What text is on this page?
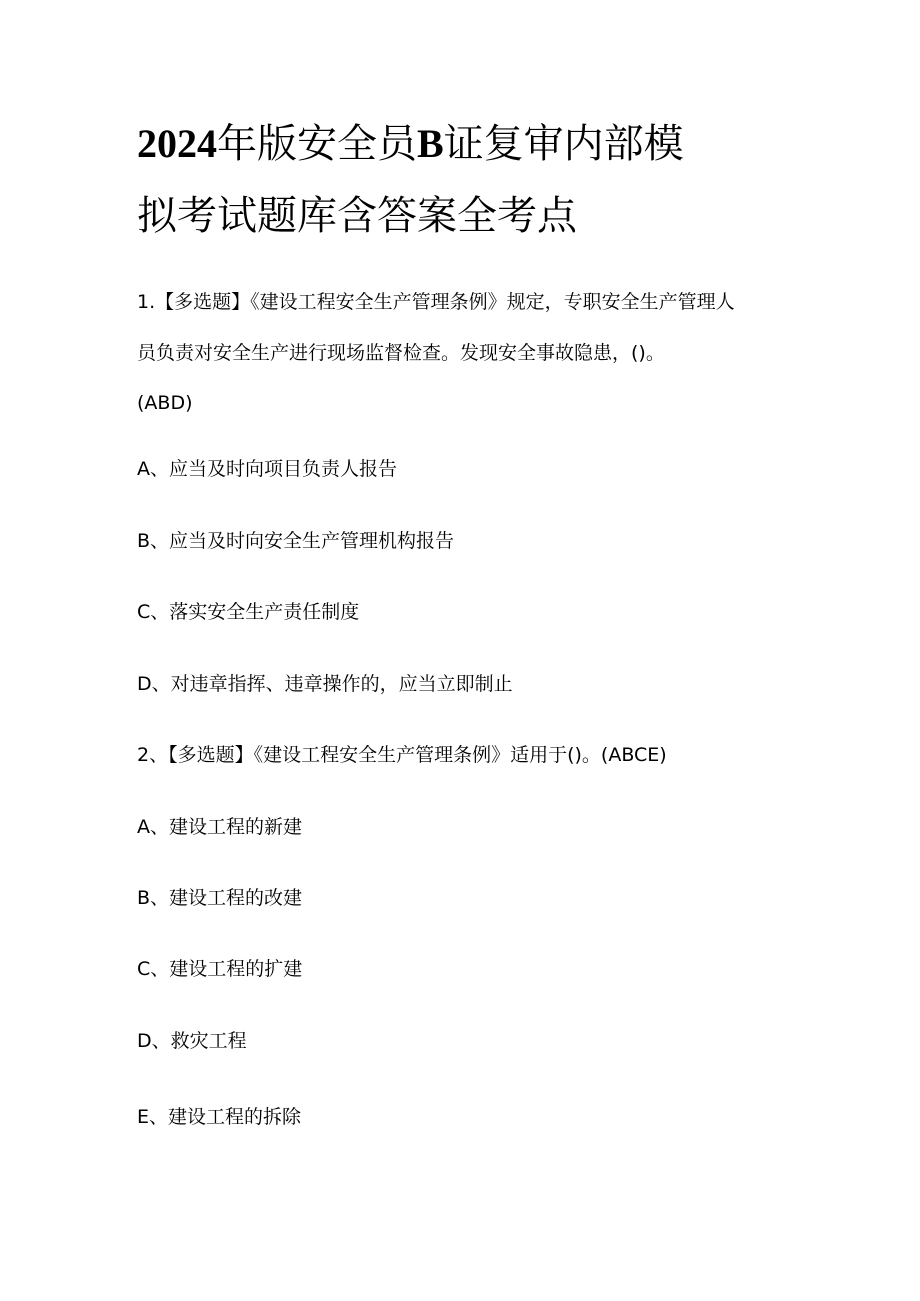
2024年版安全员B证复审内部模
拟考试题库含答案全考点
1.【多选题】《建设工程安全生产管理条例》规定，专职安全生产管理人
员负责对安全生产进行现场监督检查。发现安全事故隐患，()。
(ABD)
A、应当及时向项目负责人报告
B、应当及时向安全生产管理机构报告
C、落实安全生产责任制度
D、对违章指挥、违章操作的，应当立即制止
2、【多选题】《建设工程安全生产管理条例》适用于()。(ABCE)
A、建设工程的新建
B、建设工程的改建
C、建设工程的扩建
D、救灾工程
E、建设工程的拆除
